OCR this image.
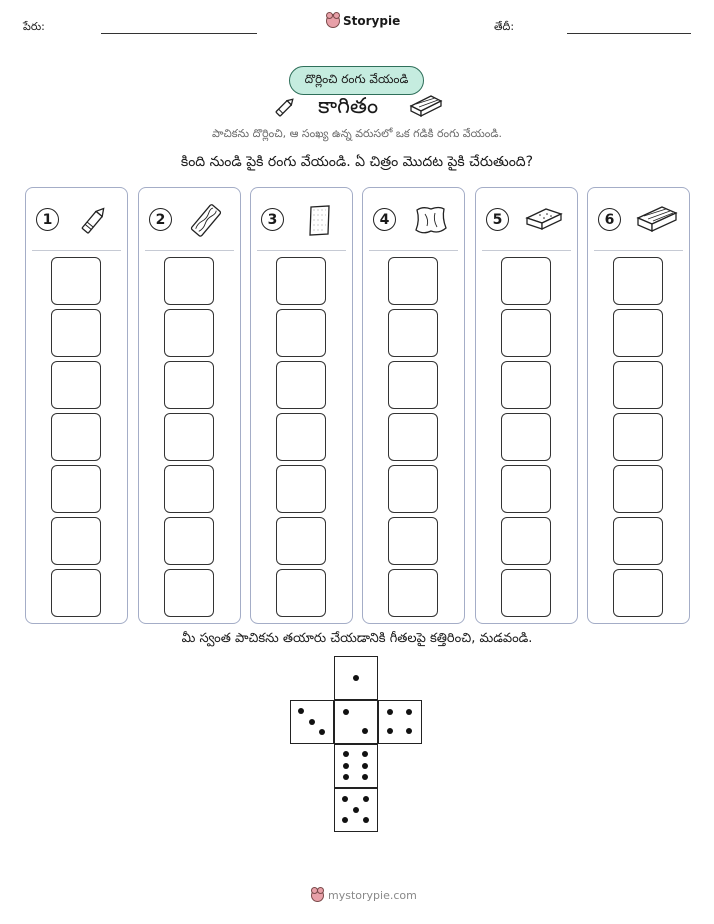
పేరు:	Storypie	తేదీ:
దొర్లించి రంగు వేయండి
కాగితం
పాచికను దొర్లించి, ఆ సంఖ్య ఉన్న వరుసలో ఒక గడికి రంగు వేయండి.
కింది నుండి పైకి రంగు వేయండి. ఏ చిత్రం మొదట పైకి చేరుతుంది?
1	2	3	4	5	6
మీ స్వంత పాచికను తయారు చేయడానికి గీతలపై కత్తిరించి, మడవండి.
mystorypie.com
